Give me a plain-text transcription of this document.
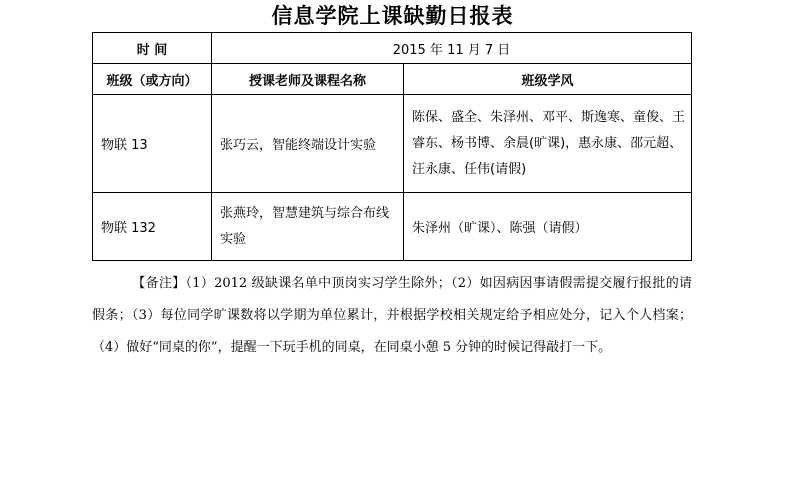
信息学院上课缺勤日报表
时 间	2015 年 11 月 7 日	
班级（或方向）	授课老师及课程名称	班级学风
物联 13	张巧云，智能终端设计实验	陈保、盛全、朱泽州、邓平、斯逸寒、童俊、王睿东、杨书博、余晨(旷课)，惠永康、邵元超、汪永康、任伟(请假)
物联 132	张燕玲，智慧建筑与综合布线实验	朱泽州（旷课）、陈强（请假）
【备注】（1）2012 级缺课名单中顶岗实习学生除外；（2）如因病因事请假需提交履行报批的请假条；（3）每位同学旷课数将以学期为单位累计，并根据学校相关规定给予相应处分，记入个人档案；（4）做好“同桌的你”，提醒一下玩手机的同桌，在同桌小憩 5 分钟的时候记得敲打一下。
